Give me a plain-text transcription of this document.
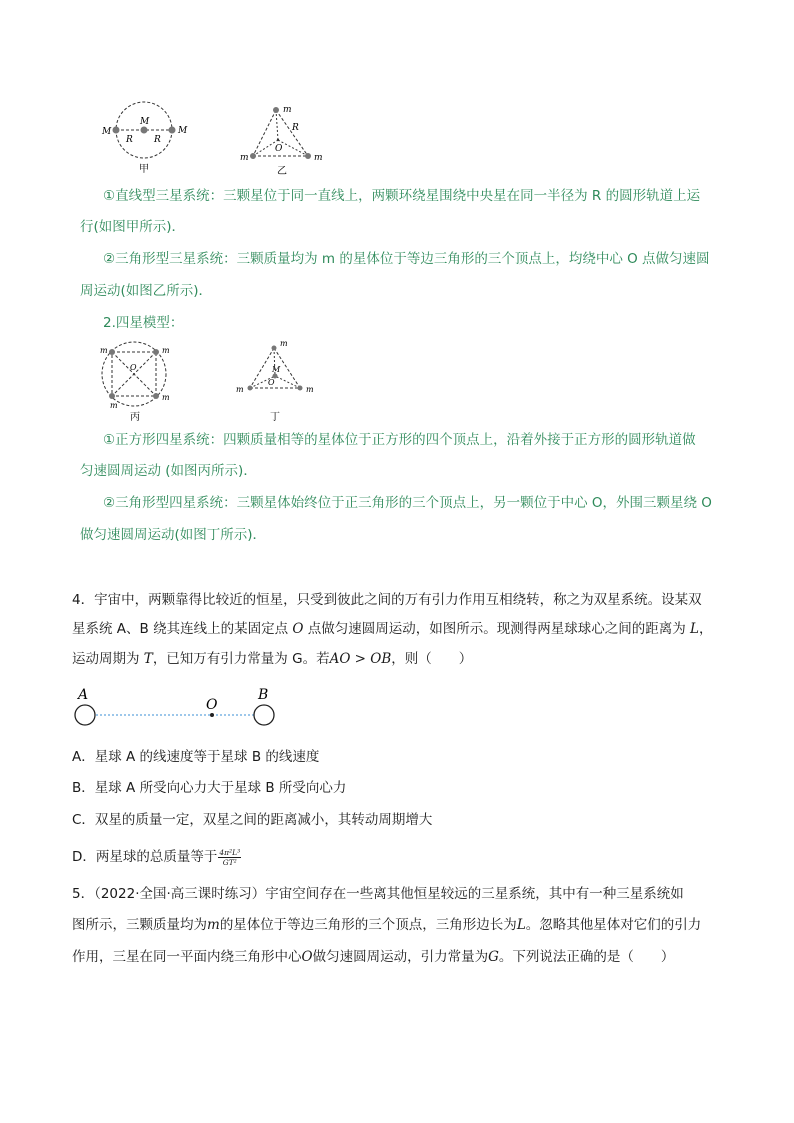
M
M
M
R R
甲
m
m	m
R
O
乙
①直线型三星系统：三颗星位于同一直线上，两颗环绕星围绕中央星在同一半径为 R 的圆形轨道上运
行(如图甲所示)．
②三角形型三星系统：三颗质量均为 m 的星体位于等边三角形的三个顶点上，均绕中心 O 点做匀速圆
周运动(如图乙所示)．
2.四星模型：
m	m
m
m
O
丙
m
m	m
M
O
丁
①正方形四星系统：四颗质量相等的星体位于正方形的四个顶点上，沿着外接于正方形的圆形轨道做
匀速圆周运动 (如图丙所示)．
②三角形型四星系统：三颗星体始终位于正三角形的三个顶点上，另一颗位于中心 O，外围三颗星绕 O
做匀速圆周运动(如图丁所示)．
4．宇宙中，两颗靠得比较近的恒星，只受到彼此之间的万有引力作用互相绕转，称之为双星系统。设某双
星系统 A、B 绕其连线上的某固定点 O 点做匀速圆周运动，如图所示。现测得两星球球心之间的距离为 L，
运动周期为 T，已知万有引力常量为 G。若AO > OB，则（　　）
A
O
B
A．星球 A 的线速度等于星球 B 的线速度
B．星球 A 所受向心力大于星球 B 所受向心力
C．双星的质量一定，双星之间的距离减小，其转动周期增大
D．两星球的总质量等于 $\frac{\text{4π²L³}}{\text{GT²}}$
5．（2022·全国·高三课时练习）宇宙空间存在一些离其他恒星较远的三星系统，其中有一种三星系统如
图所示，三颗质量均为m的星体位于等边三角形的三个顶点，三角形边长为L。忽略其他星体对它们的引力
作用，三星在同一平面内绕三角形中心O做匀速圆周运动，引力常量为G。下列说法正确的是（　　）
